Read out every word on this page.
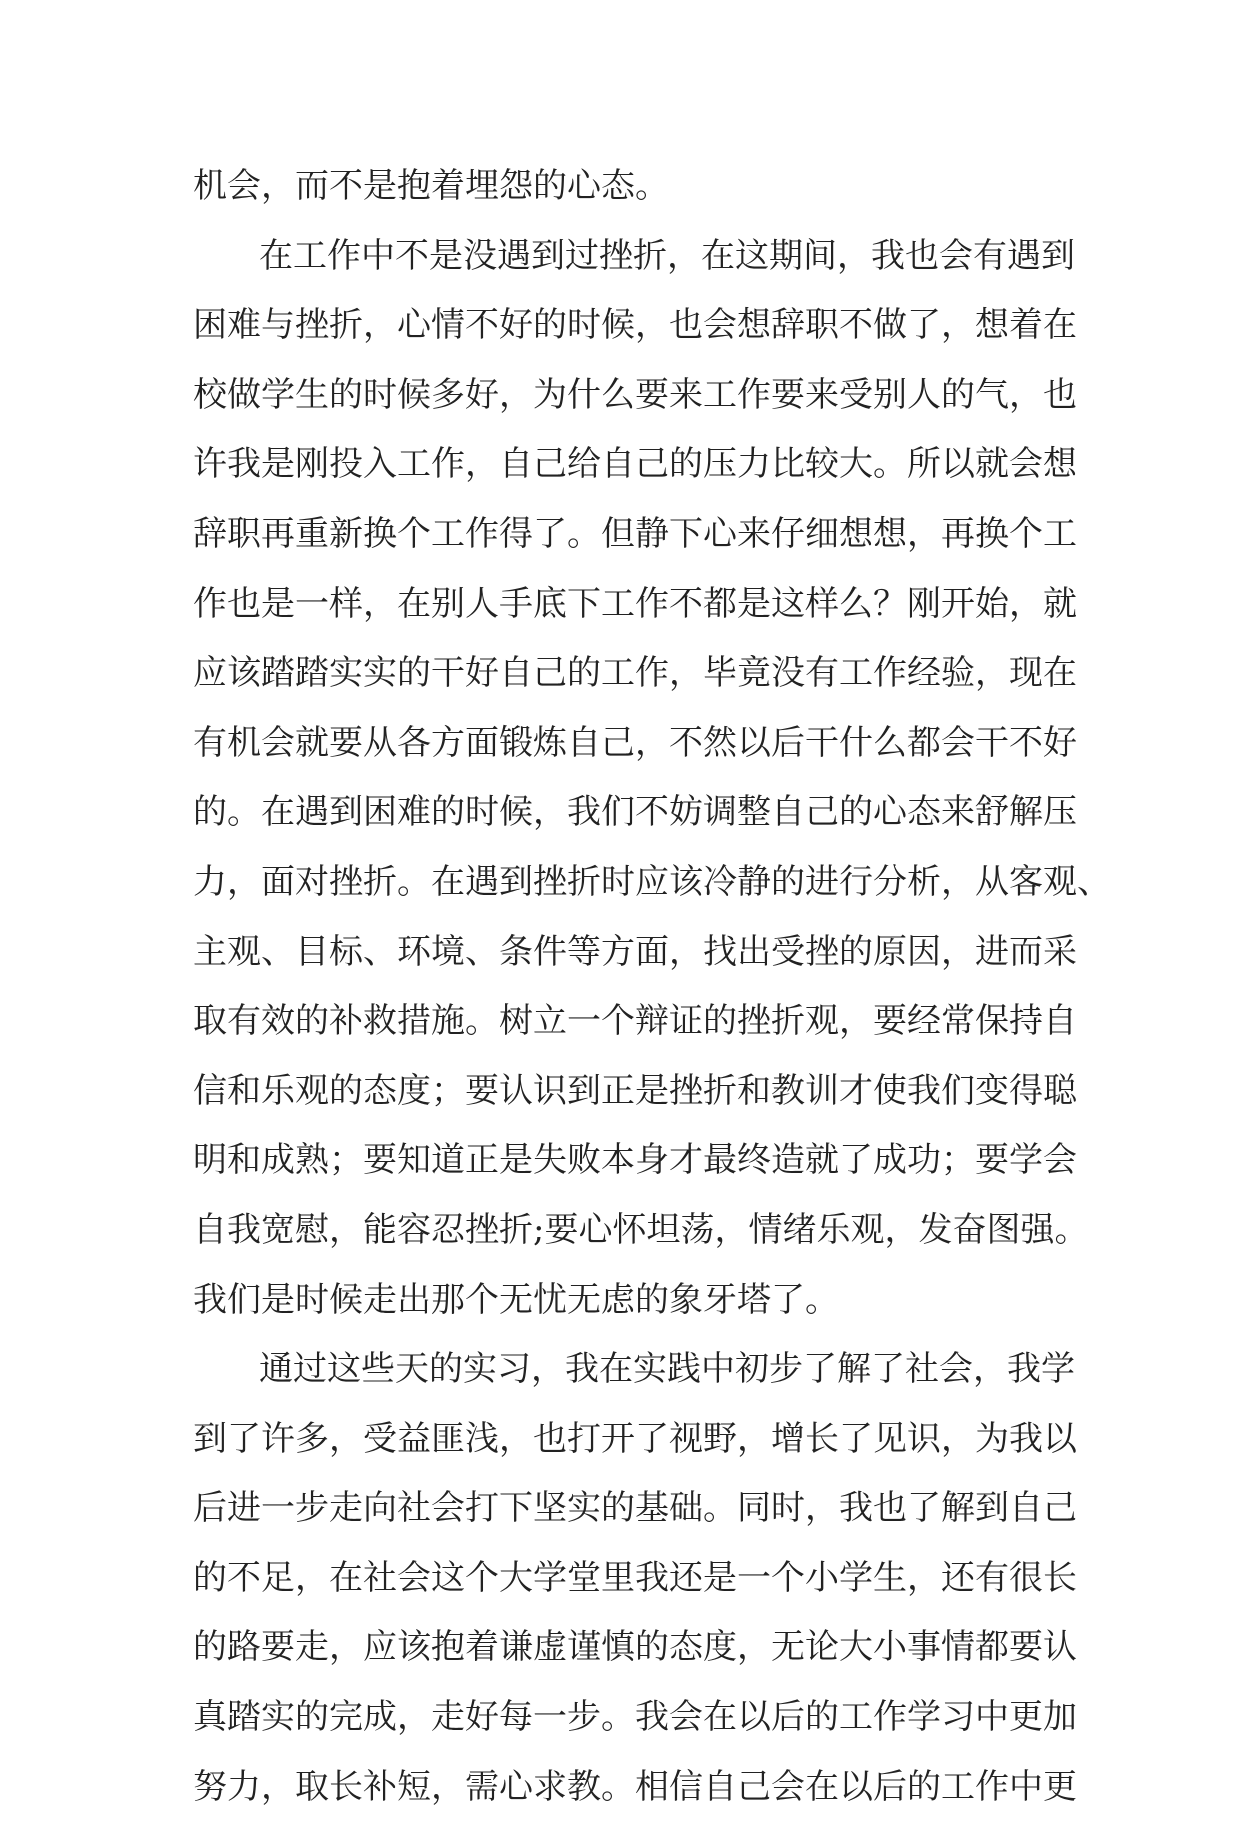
机会，而不是抱着埋怨的心态。
在工作中不是没遇到过挫折，在这期间，我也会有遇到
困难与挫折，心情不好的时候，也会想辞职不做了，想着在
校做学生的时候多好，为什么要来工作要来受别人的气，也
许我是刚投入工作，自己给自己的压力比较大。所以就会想
辞职再重新换个工作得了。但静下心来仔细想想，再换个工
作也是一样，在别人手底下工作不都是这样么？刚开始，就
应该踏踏实实的干好自己的工作，毕竟没有工作经验，现在
有机会就要从各方面锻炼自己，不然以后干什么都会干不好
的。在遇到困难的时候，我们不妨调整自己的心态来舒解压
力，面对挫折。在遇到挫折时应该冷静的进行分析，从客观、
主观、目标、环境、条件等方面，找出受挫的原因，进而采
取有效的补救措施。树立一个辩证的挫折观，要经常保持自
信和乐观的态度；要认识到正是挫折和教训才使我们变得聪
明和成熟；要知道正是失败本身才最终造就了成功；要学会
自我宽慰，能容忍挫折;要心怀坦荡，情绪乐观，发奋图强。
我们是时候走出那个无忧无虑的象牙塔了。
通过这些天的实习，我在实践中初步了解了社会，我学
到了许多，受益匪浅，也打开了视野，增长了见识，为我以
后进一步走向社会打下坚实的基础。同时，我也了解到自己
的不足，在社会这个大学堂里我还是一个小学生，还有很长
的路要走，应该抱着谦虚谨慎的态度，无论大小事情都要认
真踏实的完成，走好每一步。我会在以后的工作学习中更加
努力，取长补短，需心求教。相信自己会在以后的工作中更
